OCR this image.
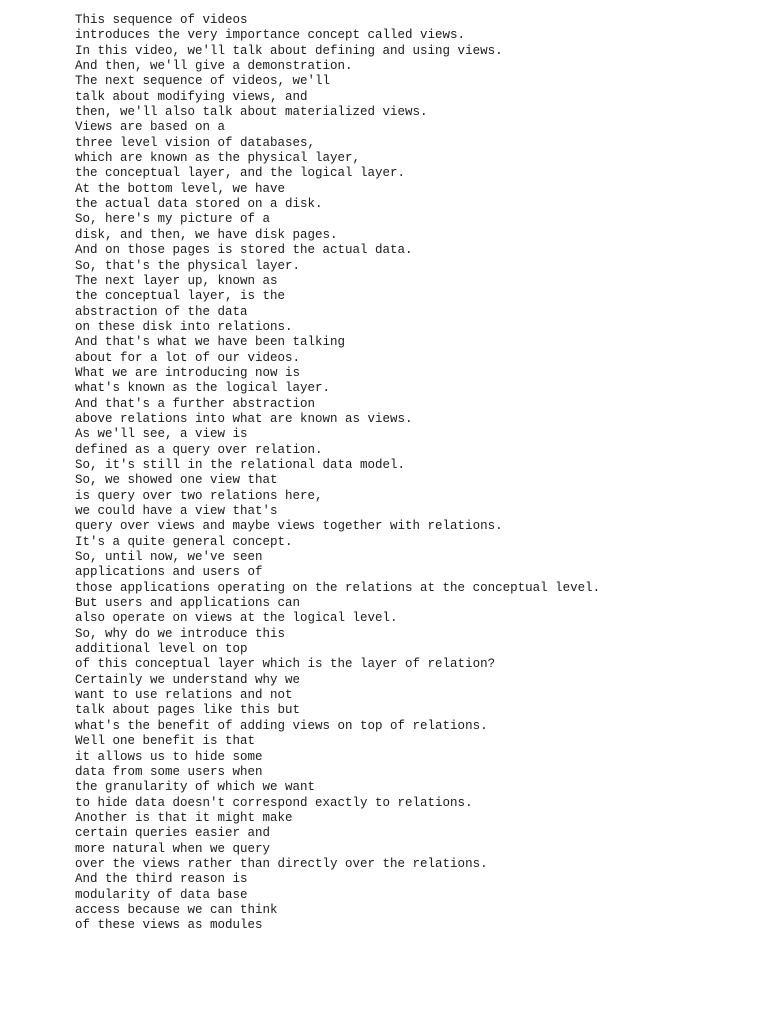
This sequence of videos

introduces the very importance concept called views.

In this video, we'll talk about defining and using views.

And then, we'll give a demonstration.

The next sequence of videos, we'll

talk about modifying views, and

then, we'll also talk about materialized views.

Views are based on a

three level vision of databases,

which are known as the physical layer,

the conceptual layer, and the logical layer.

At the bottom level, we have

the actual data stored on a disk.

So, here's my picture of a

disk, and then, we have disk pages.

And on those pages is stored the actual data.

So, that's the physical layer.

The next layer up, known as

the conceptual layer, is the

abstraction of the data

on these disk into relations.

And that's what we have been talking

about for a lot of our videos.

What we are introducing now is

what's known as the logical layer.

And that's a further abstraction

above relations into what are known as views.

As we'll see, a view is

defined as a query over relation.

So, it's still in the relational data model.

So, we showed one view that

is query over two relations here,

we could have a view that's

query over views and maybe views together with relations.

It's a quite general concept.

So, until now, we've seen

applications and users of

those applications operating on the relations at the conceptual level.

But users and applications can

also operate on views at the logical level.

So, why do we introduce this

additional level on top

of this conceptual layer which is the layer of relation?

Certainly we understand why we

want to use relations and not

talk about pages like this but

what's the benefit of adding views on top of relations.

Well one benefit is that

it allows us to hide some

data from some users when

the granularity of which we want

to hide data doesn't correspond exactly to relations.

Another is that it might make

certain queries easier and

more natural when we query

over the views rather than directly over the relations.

And the third reason is

modularity of data base

access because we can think

of these views as modules
